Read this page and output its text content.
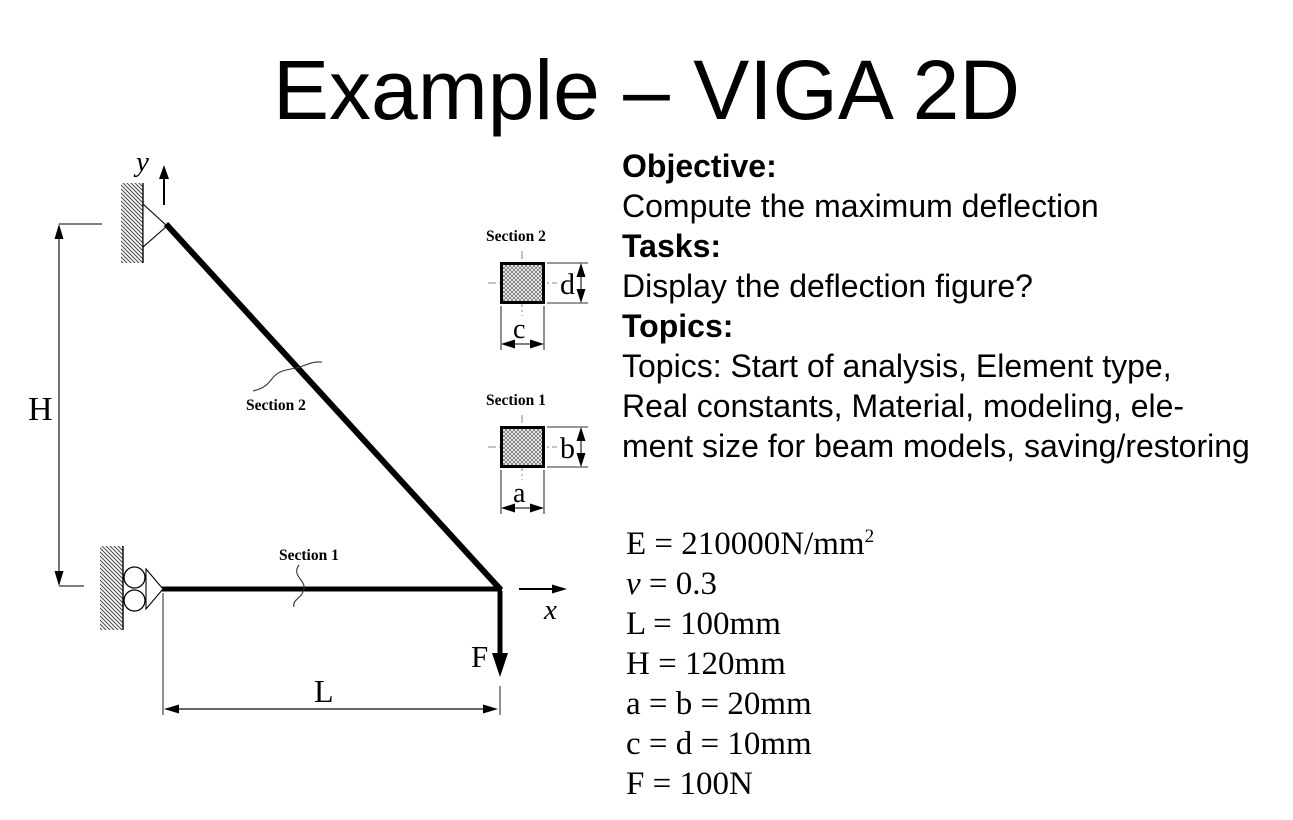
Example – VIGA 2D
y
H
L
F
x
Section 2
Section 1
Section 2
d
c
Section 1
b
a
Objective:
Compute the maximum deflection
Tasks:
Display the deflection figure?
Topics:
Topics: Start of analysis, Element type,
Real constants, Material, modeling, ele-
ment size for beam models, saving/restoring
$E = 210000N/mm^2$
ν = 0.3
L = 100mm
H = 120mm
a = b = 20mm
c = d = 10mm
F = 100N
